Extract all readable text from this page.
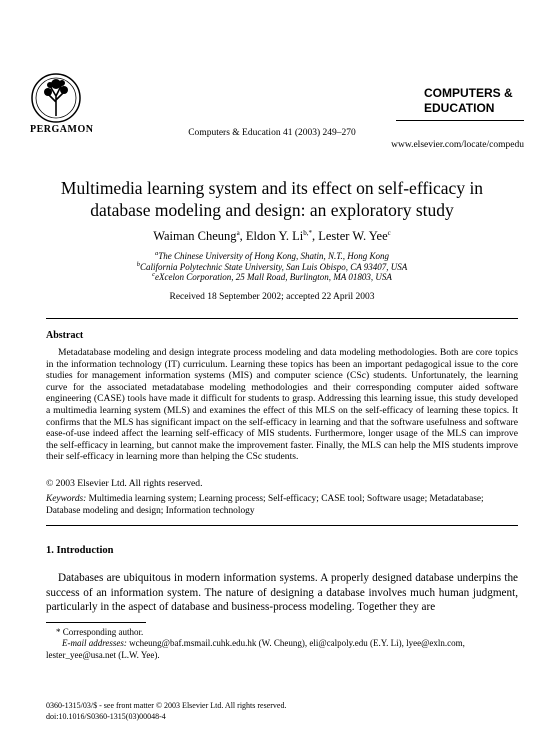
PERGAMON	Computers & Education 41 (2003) 249–270
COMPUTERS &
EDUCATION
www.elsevier.com/locate/compedu
Multimedia learning system and its effect on self-efficacy in database modeling and design: an exploratory study
Waiman Cheung$^a$, Eldon Y. $Li^{b,*}$, Lester W. Yee$^c$
$^a$The Chinese University of Hong Kong, Shatin, N.T., Hong Kong
$^b$California Polytechnic State University, San Luis Obispo, CA 93407, USA
$^c$eXcelon Corporation, 25 Mall Road, Burlington, MA 01803, USA
Received 18 September 2002; accepted 22 April 2003
Abstract
Metadatabase modeling and design integrate process modeling and data modeling methodologies. Both are core topics in the information technology (IT) curriculum. Learning these topics has been an important pedagogical issue to the core studies for management information systems (MIS) and computer science (CSc) students. Unfortunately, the learning curve for the associated metadatabase modeling methodologies and their corresponding computer aided software engineering (CASE) tools have made it difficult for students to grasp. Addressing this learning issue, this study developed a multimedia learning system (MLS) and examines the effect of this MLS on the self-efficacy of learning these topics. It confirms that the MLS has significant impact on the self-efficacy in learning and that the software usefulness and software ease-of-use indeed affect the learning self-efficacy of MIS students. Furthermore, longer usage of the MLS can improve the self-efficacy in learning, but cannot make the improvement faster. Finally, the MLS can help the MIS students improve their self-efficacy in learning more than helping the CSc students.
© 2003 Elsevier Ltd. All rights reserved.
Keywords: Multimedia learning system; Learning process; Self-efficacy; CASE tool; Software usage; Metadatabase; Database modeling and design; Information technology
1. Introduction
Databases are ubiquitous in modern information systems. A properly designed database underpins the success of an information system. The nature of designing a database involves much human judgment, particularly in the aspect of database and business-process modeling. Together they are
* Corresponding author.
E-mail addresses: wcheung@baf.msmail.cuhk.edu.hk (W. Cheung), eli@calpoly.edu (E.Y. Li), lyee@exln.com,
lester_yee@usa.net (L.W. Yee).
0360-1315/03/$ - see front matter © 2003 Elsevier Ltd. All rights reserved.
doi:10.1016/S0360-1315(03)00048-4
